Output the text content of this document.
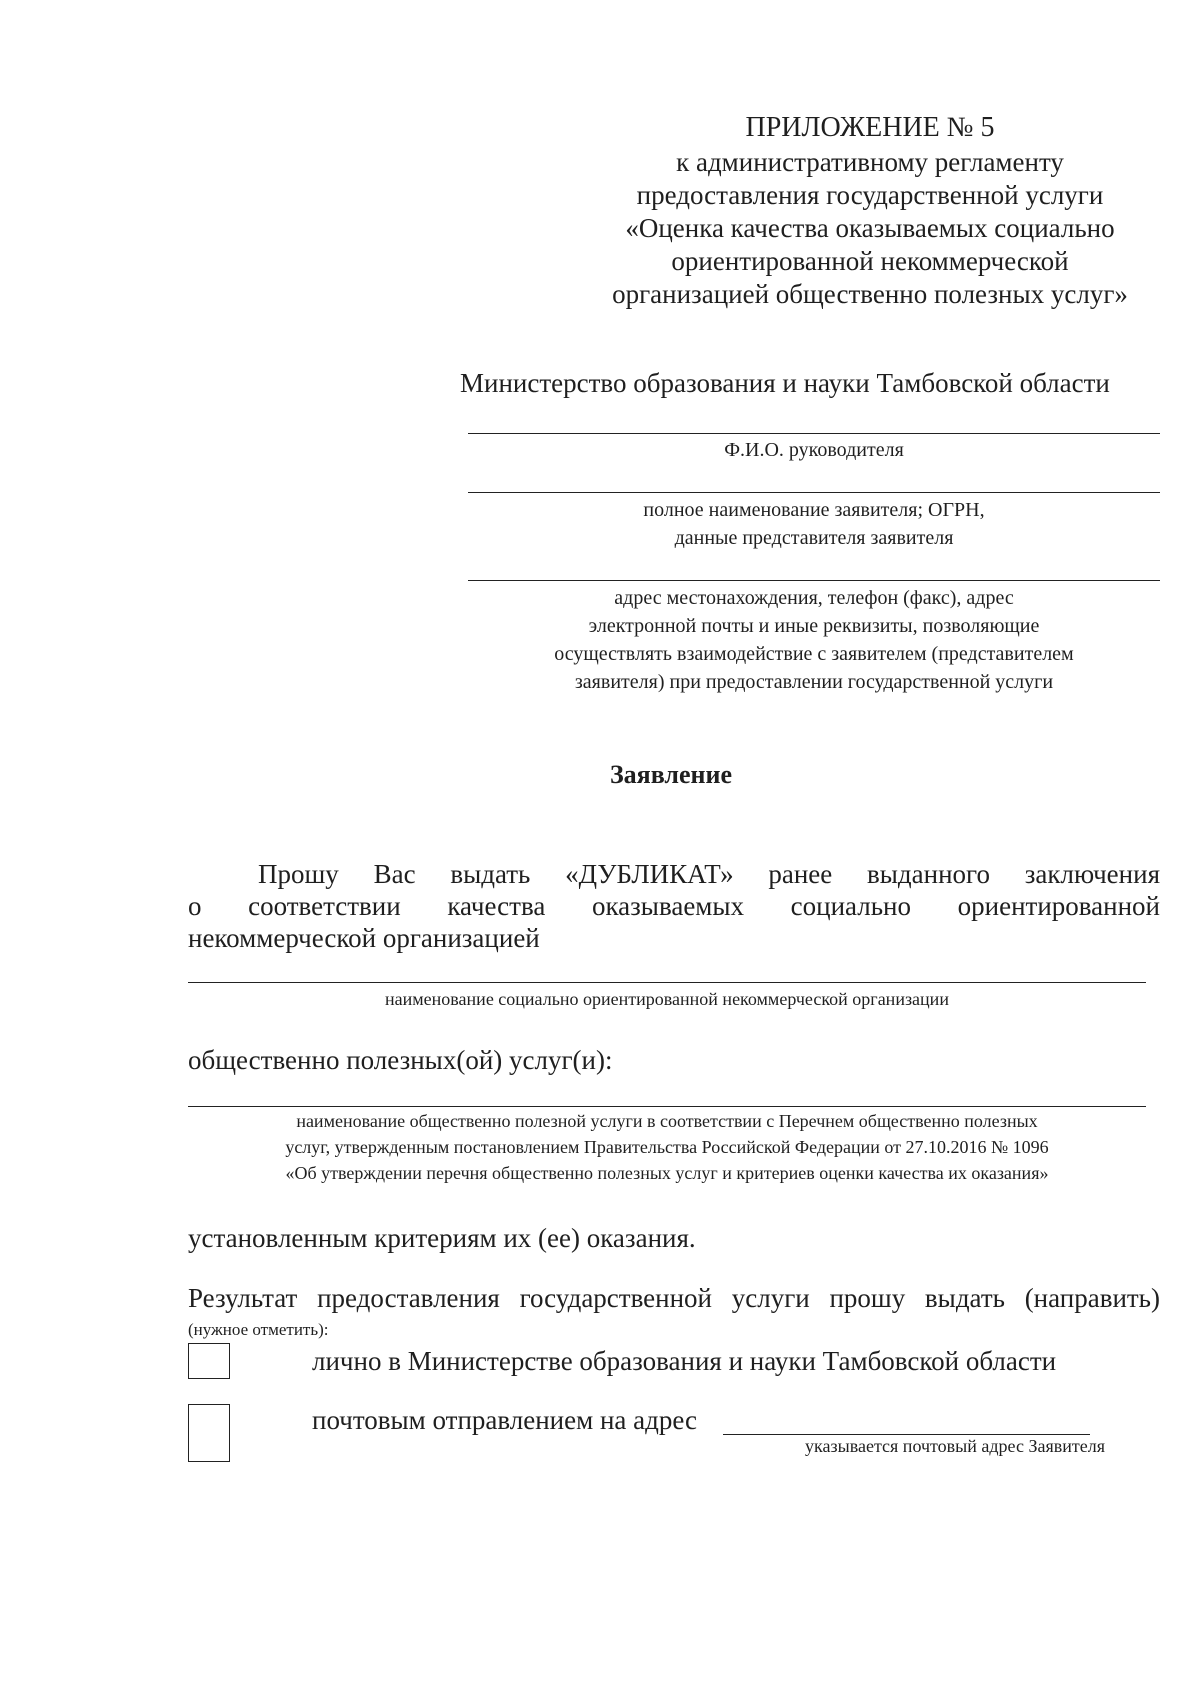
ПРИЛОЖЕНИЕ № 5
к административному регламенту
предоставления государственной услуги
«Оценка качества оказываемых социально
ориентированной некоммерческой
организацией общественно полезных услуг»
Министерство образования и науки Тамбовской области
Ф.И.О. руководителя
полное наименование заявителя; ОГРН,
данные представителя заявителя
адрес местонахождения, телефон (факс), адрес
электронной почты и иные реквизиты, позволяющие
осуществлять взаимодействие с заявителем (представителем
заявителя) при предоставлении государственной услуги
Заявление
Прошу Вас выдать «ДУБЛИКАТ» ранее выданного заключения
о соответствии качества оказываемых социально ориентированной
некоммерческой организацией
наименование социально ориентированной некоммерческой организации
общественно полезных(ой) услуг(и):
наименование общественно полезной услуги в соответствии с Перечнем общественно полезных
услуг, утвержденным постановлением Правительства Российской Федерации от 27.10.2016 № 1096
«Об утверждении перечня общественно полезных услуг и критериев оценки качества их оказания»
установленным критериям их (ее) оказания.
Результат предоставления государственной услуги прошу выдать (направить)
(нужное отметить):
лично в Министерстве образования и науки Тамбовской области
почтовым отправлением на адрес
указывается почтовый адрес Заявителя
